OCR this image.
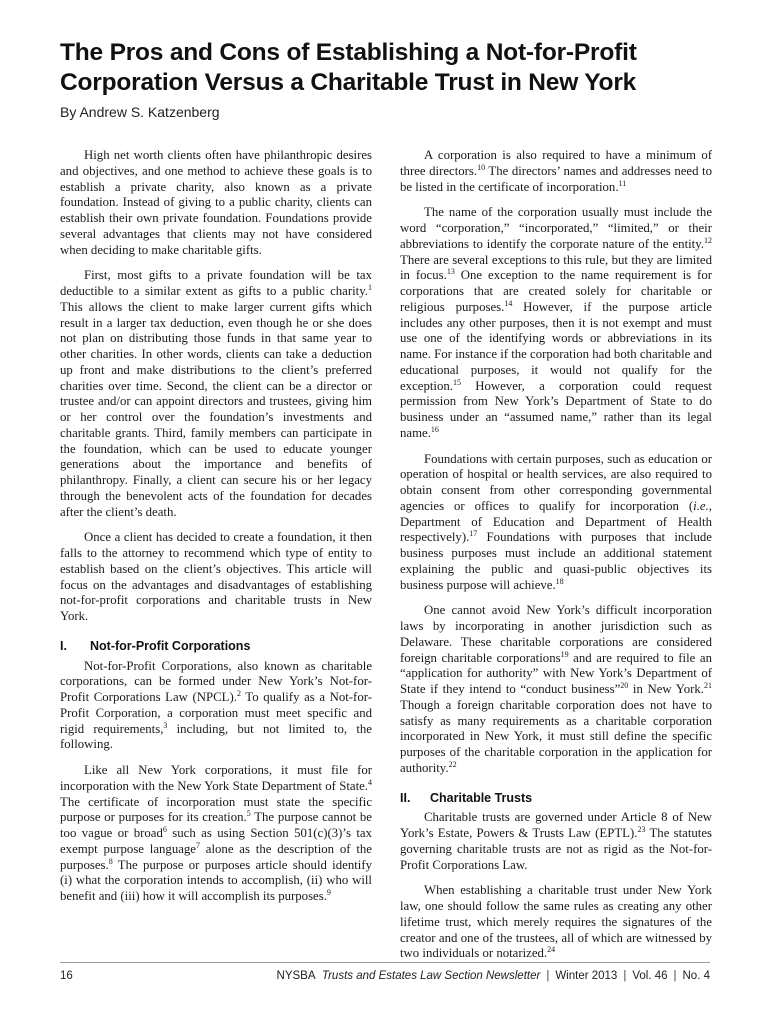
The Pros and Cons of Establishing a Not-for-Profit
Corporation Versus a Charitable Trust in New York
By Andrew S. Katzenberg

High net worth clients often have philanthropic desires and objectives, and one method to achieve these goals is to establish a private charity, also known as a private foundation. Instead of giving to a public charity, clients can establish their own private foundation. Foundations provide several advantages that clients may not have considered when deciding to make charitable gifts.

First, most gifts to a private foundation will be tax deductible to a similar extent as gifts to a public charity.$^1$ This allows the client to make larger current gifts which result in a larger tax deduction, even though he or she does not plan on distributing those funds in that same year to other charities. In other words, clients can take a deduction up front and make distributions to the client’s preferred charities over time. Second, the client can be a director or trustee and/or can appoint directors and trustees, giving him or her control over the foundation’s investments and charitable grants. Third, family members can participate in the foundation, which can be used to educate younger generations about the importance and benefits of philanthropy. Finally, a client can secure his or her legacy through the benevolent acts of the foundation for decades after the client’s death.

Once a client has decided to create a foundation, it then falls to the attorney to recommend which type of entity to establish based on the client’s objectives. This article will focus on the advantages and disadvantages of establishing not-for-profit corporations and charitable trusts in New York.

I.	Not-for-Profit Corporations

Not-for-Profit Corporations, also known as charitable corporations, can be formed under New York’s Not-for-Profit Corporations Law (NPCL).$^2$ To qualify as a Not-for-Profit Corporation, a corporation must meet specific and rigid requirements,$^3$ including, but not limited to, the following.

Like all New York corporations, it must file for incorporation with the New York State Department of State.$^4$ The certificate of incorporation must state the specific purpose or purposes for its creation.$^5$ The purpose cannot be too vague or broad$^6$ such as using Section 501(c)(3)’s tax exempt purpose language$^7$ alone as the description of the purposes.$^8$ The purpose or purposes article should identify (i) what the corporation intends to accomplish, (ii) who will benefit and (iii) how it will accomplish its purposes.$^9$

A corporation is also required to have a minimum of three directors.$^{10}$ The directors’ names and addresses need to be listed in the certificate of incorporation.$^{11}$

The name of the corporation usually must include the word “corporation,” “incorporated,” “limited,” or their abbreviations to identify the corporate nature of the entity.$^{12}$ There are several exceptions to this rule, but they are limited in focus.$^{13}$ One exception to the name requirement is for corporations that are created solely for charitable or religious purposes.$^{14}$ However, if the purpose article includes any other purposes, then it is not exempt and must use one of the identifying words or abbreviations in its name. For instance if the corporation had both charitable and educational purposes, it would not qualify for the exception.$^{15}$ However, a corporation could request permission from New York’s Department of State to do business under an “assumed name,” rather than its legal name.$^{16}$

Foundations with certain purposes, such as education or operation of hospital or health services, are also required to obtain consent from other corresponding governmental agencies or offices to qualify for incorporation (i.e., Department of Education and Department of Health respectively).$^{17}$ Foundations with purposes that include business purposes must include an additional statement explaining the public and quasi-public objectives its business purpose will achieve.$^{18}$

One cannot avoid New York’s difficult incorporation laws by incorporating in another jurisdiction such as Delaware. These charitable corporations are considered foreign charitable corporations$^{19}$ and are required to file an “application for authority” with New York’s Department of State if they intend to “conduct business”$^{20}$ in New York.$^{21}$ Though a foreign charitable corporation does not have to satisfy as many requirements as a charitable corporation incorporated in New York, it must still define the specific purposes of the charitable corporation in the application for authority.$^{22}$

II.	Charitable Trusts

Charitable trusts are governed under Article 8 of New York’s Estate, Powers & Trusts Law (EPTL).$^{23}$ The statutes governing charitable trusts are not as rigid as the Not-for-Profit Corporations Law.

When establishing a charitable trust under New York law, one should follow the same rules as creating any other lifetime trust, which merely requires the signatures of the creator and one of the trustees, all of which are witnessed by two individuals or notarized.$^{24}$

16	NYSBA Trusts and Estates Law Section Newsletter | Winter 2013 | Vol. 46 | No. 4
